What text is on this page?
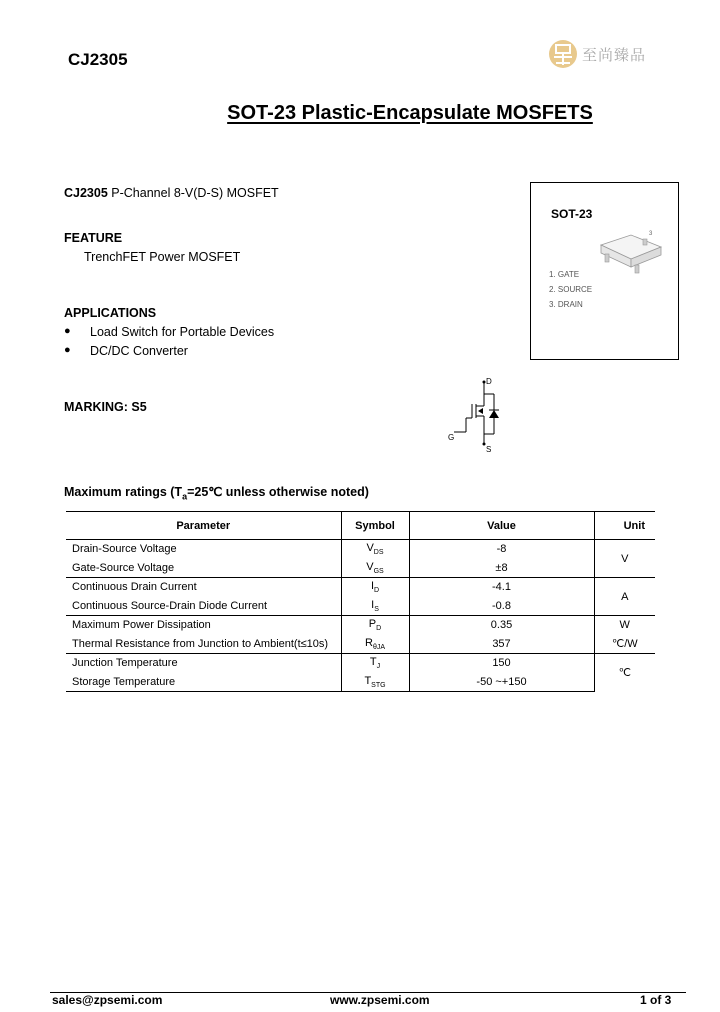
CJ2305	至尚臻品
SOT-23 Plastic-Encapsulate MOSFETS
CJ2305 P-Channel 8-V(D-S) MOSFET
FEATURE
TrenchFET Power MOSFET
APPLICATIONS
●	Load Switch for Portable Devices
●	DC/DC Converter
MARKING: S5
SOT-23
3
1. GATE
2. SOURCE
3. DRAIN
D
G
S
Maximum ratings ($T_a=25℃$ unless otherwise noted)
Parameter	Symbol	Value	Unit
Drain-Source Voltage	$V_{DS}$	-8	V
Gate-Source Voltage	$V_{GS}$	±8	
Continuous Drain Current	$I_D$	-4.1	A
Continuous Source-Drain Diode Current	$I_S$	-0.8	
Maximum Power Dissipation	$P_D$	0.35	W
Thermal Resistance from Junction to Ambient(t≤10s)	$R_{\theta JA}$	357	℃/W
Junction Temperature	$T_J$	150	℃
Storage Temperature	$T_{STG}$	-50 ~+150	
sales@zpsemi.com	www.zpsemi.com	1 of 3
